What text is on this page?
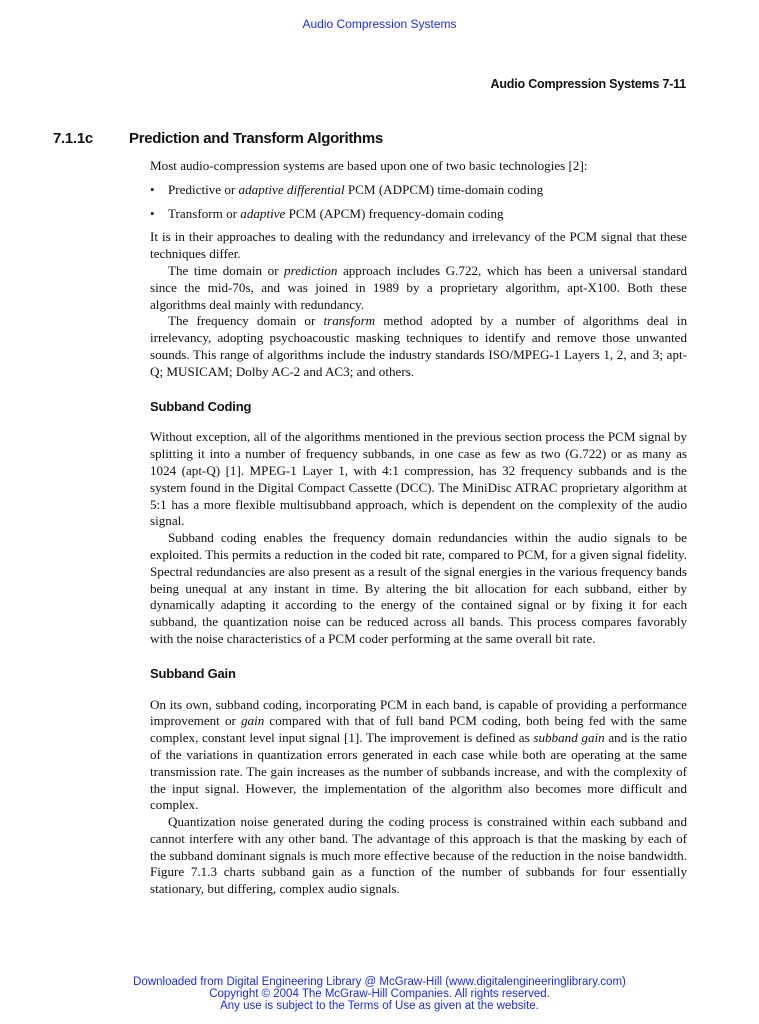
Audio Compression Systems
Audio Compression Systems 7-11
7.1.1c Prediction and Transform Algorithms

Most audio-compression systems are based upon one of two basic technologies [2]:

• Predictive or adaptive differential PCM (ADPCM) time-domain coding
• Transform or adaptive PCM (APCM) frequency-domain coding

It is in their approaches to dealing with the redundancy and irrelevancy of the PCM signal that these techniques differ.

The time domain or prediction approach includes G.722, which has been a universal standard since the mid-70s, and was joined in 1989 by a proprietary algorithm, apt-X100. Both these algorithms deal mainly with redundancy.

The frequency domain or transform method adopted by a number of algorithms deal in irrelevancy, adopting psychoacoustic masking techniques to identify and remove those unwanted sounds. This range of algorithms include the industry standards ISO/MPEG-1 Layers 1, 2, and 3; apt-Q; MUSICAM; Dolby AC-2 and AC3; and others.

Subband Coding

Without exception, all of the algorithms mentioned in the previous section process the PCM signal by splitting it into a number of frequency subbands, in one case as few as two (G.722) or as many as 1024 (apt-Q) [1]. MPEG-1 Layer 1, with 4:1 compression, has 32 frequency subbands and is the system found in the Digital Compact Cassette (DCC). The MiniDisc ATRAC proprietary algorithm at 5:1 has a more flexible multisubband approach, which is dependent on the complexity of the audio signal.

Subband coding enables the frequency domain redundancies within the audio signals to be exploited. This permits a reduction in the coded bit rate, compared to PCM, for a given signal fidelity. Spectral redundancies are also present as a result of the signal energies in the various frequency bands being unequal at any instant in time. By altering the bit allocation for each subband, either by dynamically adapting it according to the energy of the contained signal or by fixing it for each subband, the quantization noise can be reduced across all bands. This process compares favorably with the noise characteristics of a PCM coder performing at the same overall bit rate.

Subband Gain

On its own, subband coding, incorporating PCM in each band, is capable of providing a performance improvement or gain compared with that of full band PCM coding, both being fed with the same complex, constant level input signal [1]. The improvement is defined as subband gain and is the ratio of the variations in quantization errors generated in each case while both are operating at the same transmission rate. The gain increases as the number of subbands increase, and with the complexity of the input signal. However, the implementation of the algorithm also becomes more difficult and complex.

Quantization noise generated during the coding process is constrained within each subband and cannot interfere with any other band. The advantage of this approach is that the masking by each of the subband dominant signals is much more effective because of the reduction in the noise bandwidth. Figure 7.1.3 charts subband gain as a function of the number of subbands for four essentially stationary, but differing, complex audio signals.

Downloaded from Digital Engineering Library @ McGraw-Hill (www.digitalengineeringlibrary.com)
Copyright © 2004 The McGraw-Hill Companies. All rights reserved.
Any use is subject to the Terms of Use as given at the website.
